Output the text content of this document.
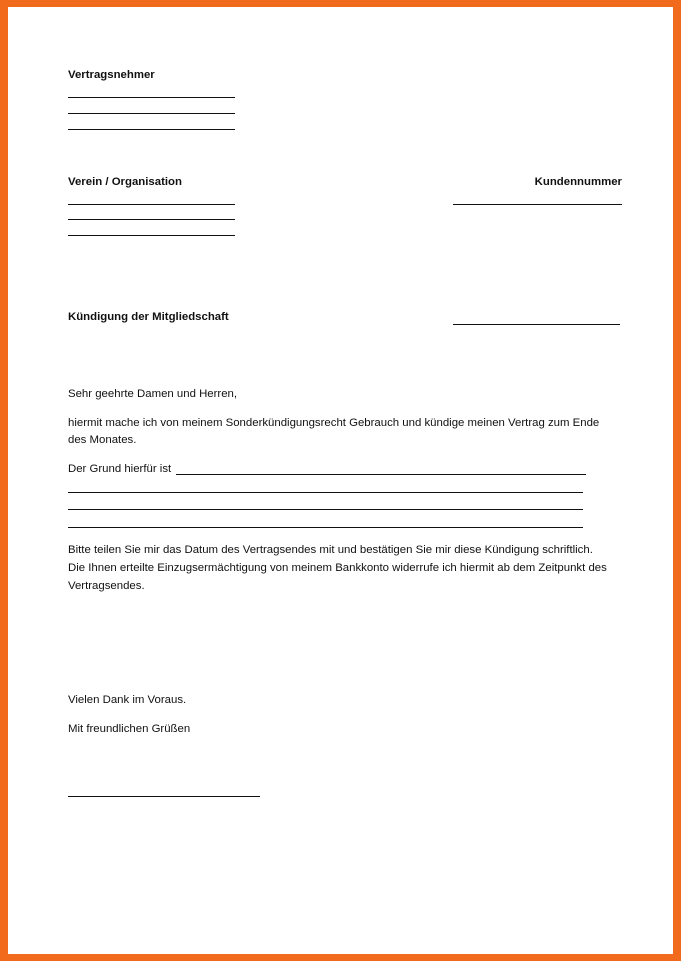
Vertragsnehmer
Verein / Organisation	Kundennummer
Kündigung der Mitgliedschaft
Sehr geehrte Damen und Herren,
hiermit mache ich von meinem Sonderkündigungsrecht Gebrauch und kündige meinen Vertrag zum Ende
des Monates.
Der Grund hierfür ist
Bitte teilen Sie mir das Datum des Vertragsendes mit und bestätigen Sie mir diese Kündigung schriftlich.
Die Ihnen erteilte Einzugsermächtigung von meinem Bankkonto widerrufe ich hiermit ab dem Zeitpunkt des
Vertragsendes.
Vielen Dank im Voraus.
Mit freundlichen Grüßen
